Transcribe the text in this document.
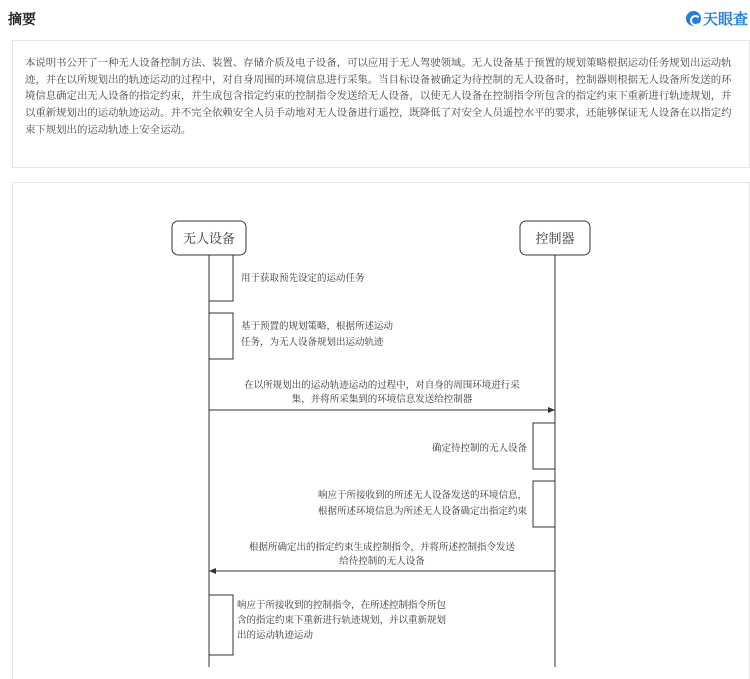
摘要	天眼查

本说明书公开了一种无人设备控制方法、装置、存储介质及电子设备，可以应用于无人驾驶领域。无人设备基于预置的规划策略根据运动任务规划出运动轨迹，并在以所规划出的轨迹运动的过程中，对自身周围的环境信息进行采集。当目标设备被确定为待控制的无人设备时，控制器则根据无人设备所发送的环境信息确定出无人设备的指定约束，并生成包含指定约束的控制指令发送给无人设备，以使无人设备在控制指令所包含的指定约束下重新进行轨迹规划，并以重新规划出的运动轨迹运动。并不完全依赖安全人员手动地对无人设备进行遥控，既降低了对安全人员遥控水平的要求，还能够保证无人设备在以指定约束下规划出的运动轨迹上安全运动。

无人设备	控制器
用于获取预先设定的运动任务
基于预置的规划策略，根据所述运动
任务，为无人设备规划出运动轨迹
在以所规划出的运动轨迹运动的过程中，对自身的周围环境进行采
集，并将所采集到的环境信息发送给控制器
确定待控制的无人设备
响应于所接收到的所述无人设备发送的环境信息，
根据所述环境信息为所述无人设备确定出指定约束
根据所确定出的指定约束生成控制指令，并将所述控制指令发送
给待控制的无人设备
响应于所接收到的控制指令，在所述控制指令所包
含的指定约束下重新进行轨迹规划，并以重新规划
出的运动轨迹运动
